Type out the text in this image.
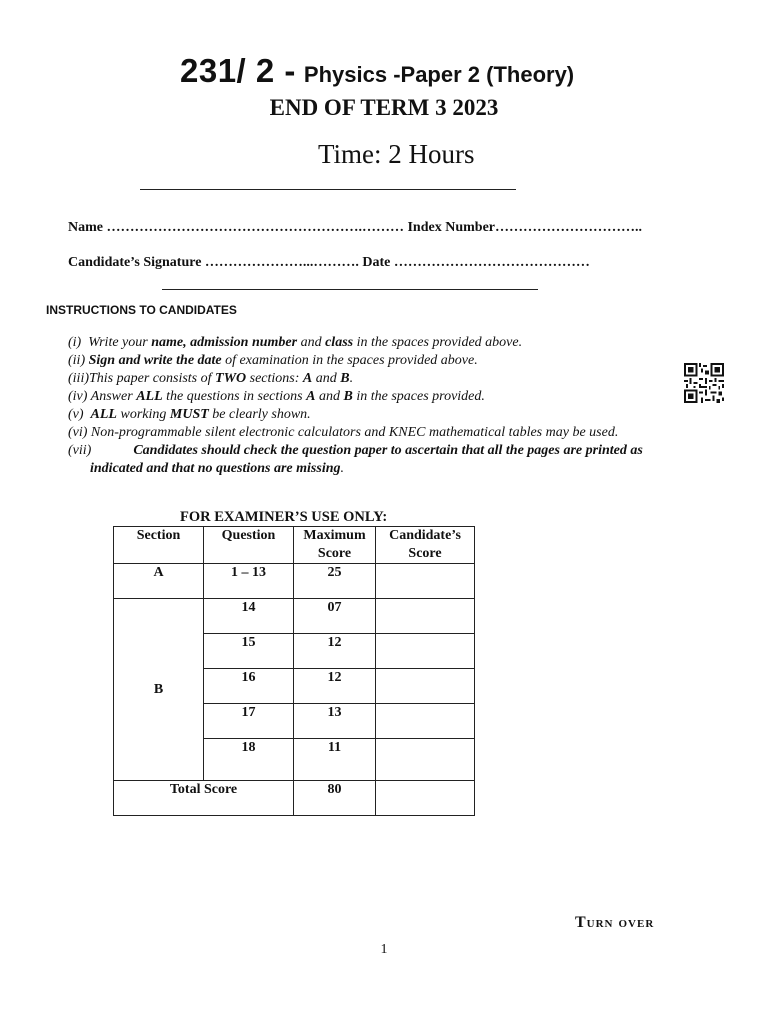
231/ 2 - Physics -Paper 2 (Theory)
END OF TERM 3 2023
Time: 2 Hours
Name ……………………………………………….……… Index Number…………………………..
Candidate’s Signature …………………...………. Date ……………………………………
INSTRUCTIONS TO CANDIDATES
(i)  Write your name, admission number and class in the spaces provided above.
(ii) Sign and write the date of examination in the spaces provided above.
(iii)This paper consists of TWO sections: A and B.
(iv) Answer ALL the questions in sections A and B in the spaces provided.
(v)  ALL working MUST be clearly shown.
(vi) Non-programmable silent electronic calculators and KNEC mathematical tables may be used.
(vii)            Candidates should check the question paper to ascertain that all the pages are printed as
indicated and that no questions are missing.
FOR EXAMINER’S USE ONLY:
Section	Question	Maximum Score	Candidate’s Score
A	1 – 13	25	
B	14	07	
	15	12	
	16	12	
	17	13	
	18	11	
Total Score		80	
Turn over
1
